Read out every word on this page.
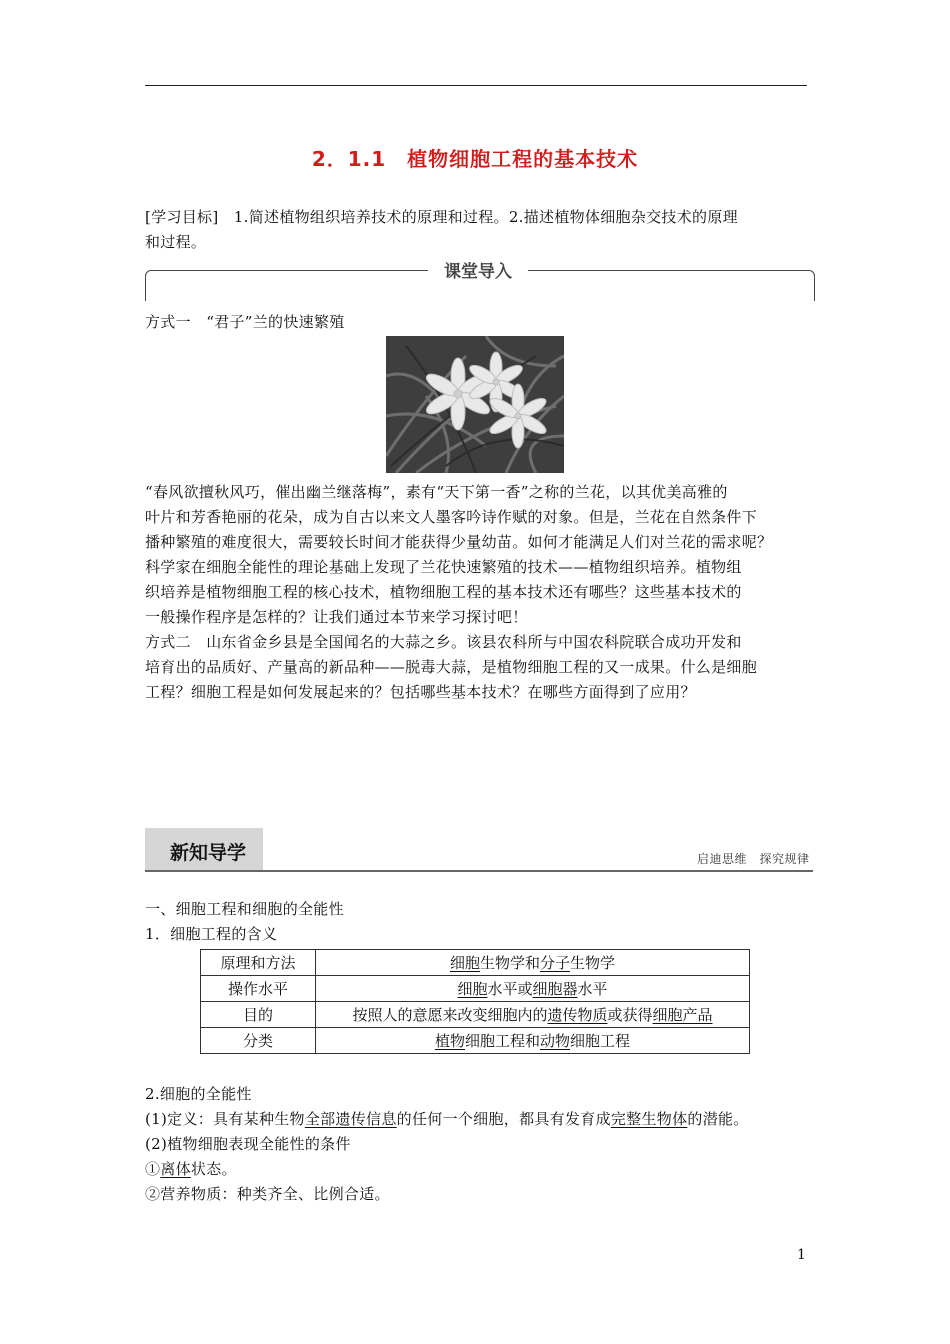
2．1.1　植物细胞工程的基本技术
[学习目标]　1.简述植物组织培养技术的原理和过程。2.描述植物体细胞杂交技术的原理
和过程。
课堂导入
方式一　“君子”兰的快速繁殖
“春风欲擅秋风巧，催出幽兰继落梅”，素有“天下第一香”之称的兰花，以其优美高雅的
叶片和芳香艳丽的花朵，成为自古以来文人墨客吟诗作赋的对象。但是，兰花在自然条件下
播种繁殖的难度很大，需要较长时间才能获得少量幼苗。如何才能满足人们对兰花的需求呢？
科学家在细胞全能性的理论基础上发现了兰花快速繁殖的技术——植物组织培养。植物组
织培养是植物细胞工程的核心技术，植物细胞工程的基本技术还有哪些？这些基本技术的
一般操作程序是怎样的？让我们通过本节来学习探讨吧！
方式二　山东省金乡县是全国闻名的大蒜之乡。该县农科所与中国农科院联合成功开发和
培育出的品质好、产量高的新品种——脱毒大蒜，是植物细胞工程的又一成果。什么是细胞
工程？细胞工程是如何发展起来的？包括哪些基本技术？在哪些方面得到了应用？
新知导学	启迪思维　探究规律
一、细胞工程和细胞的全能性
1．细胞工程的含义
原理和方法	细胞生物学和分子生物学
操作水平	细胞水平或细胞器水平
目的	按照人的意愿来改变细胞内的遗传物质或获得细胞产品
分类	植物细胞工程和动物细胞工程
2.细胞的全能性
(1)定义：具有某种生物全部遗传信息的任何一个细胞，都具有发育成完整生物体的潜能。
(2)植物细胞表现全能性的条件
①离体状态。
②营养物质：种类齐全、比例合适。
1
